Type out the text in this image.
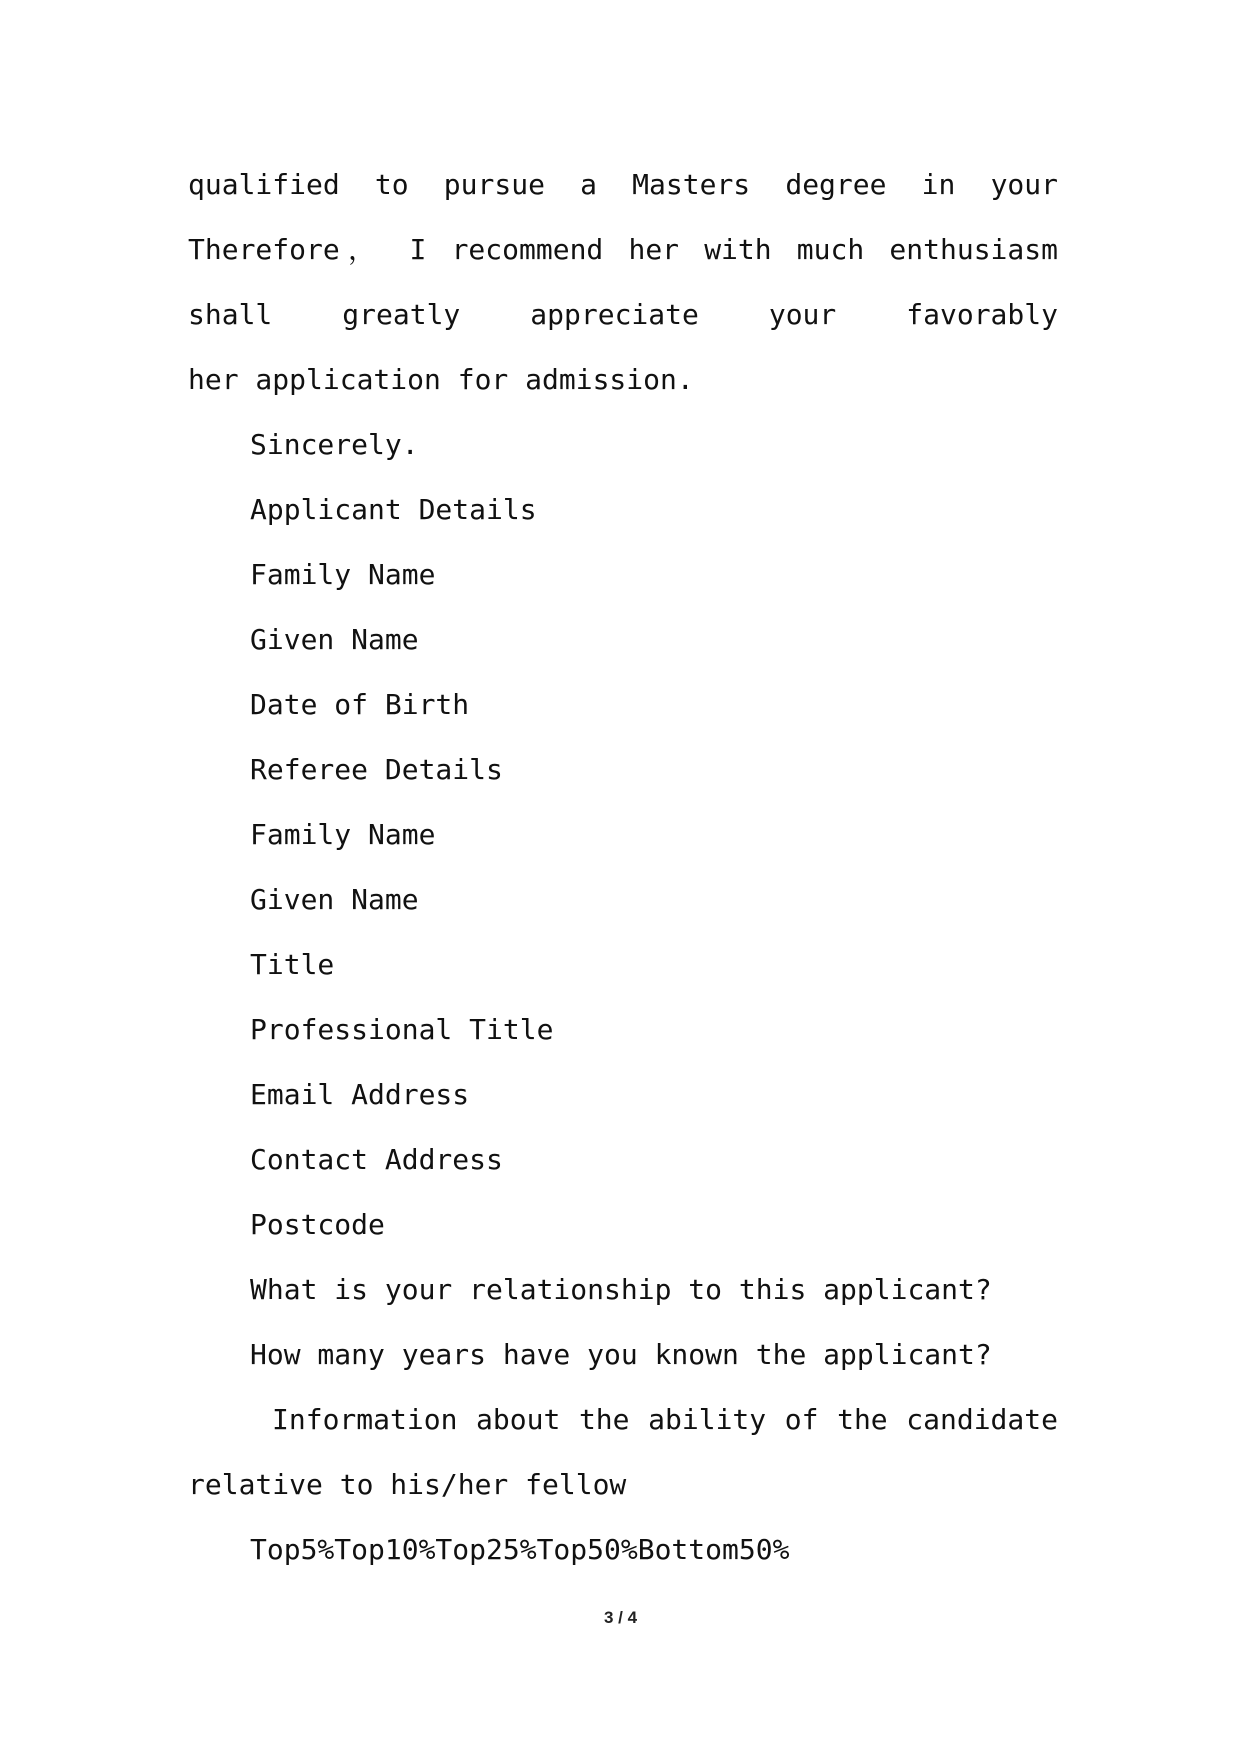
qualified to pursue a Masters degree in your
Therefore， I recommend her with much enthusiasm
shall greatly appreciate your favorably
her application for admission.
Sincerely.
Applicant Details
Family Name
Given Name
Date of Birth
Referee Details
Family Name
Given Name
Title
Professional Title
Email Address
Contact Address
Postcode
What is your relationship to this applicant?
How many years have you known the applicant?
Information about the ability of the candidate
relative to his/her fellow
Top5%Top10%Top25%Top50%Bottom50%
3 / 4
